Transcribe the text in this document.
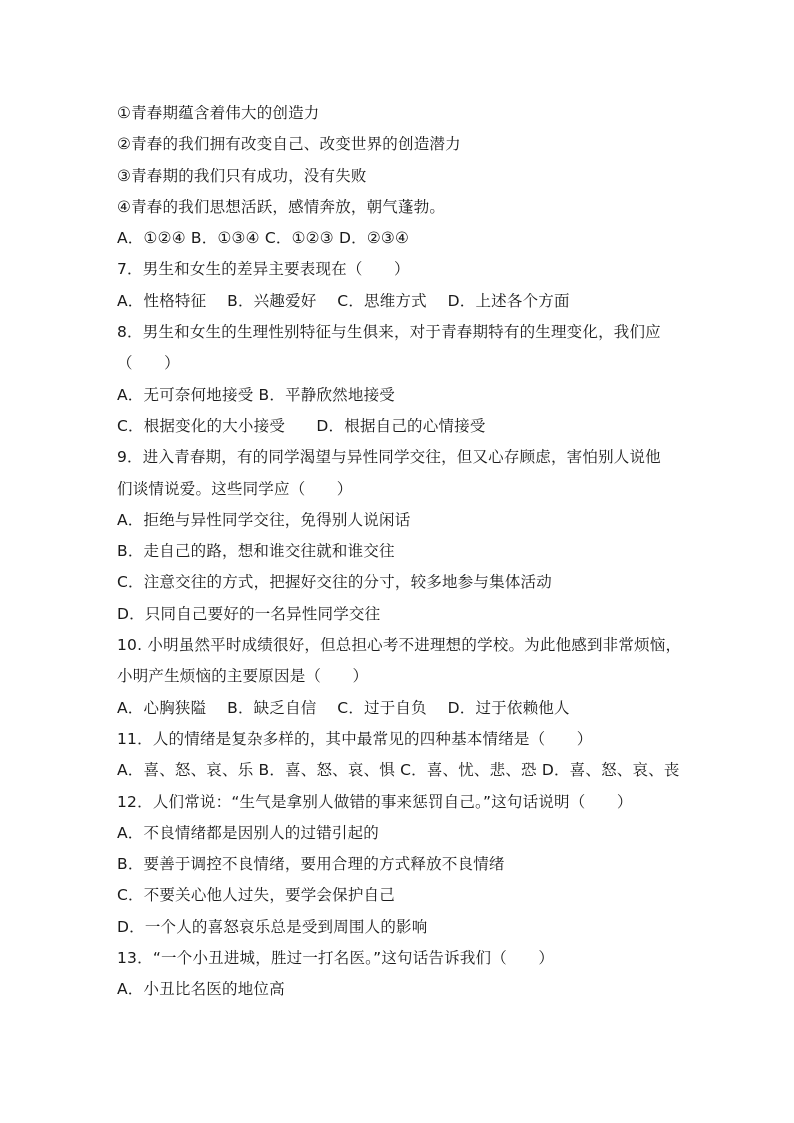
①青春期蕴含着伟大的创造力
②青春的我们拥有改变自己、改变世界的创造潜力
③青春期的我们只有成功，没有失败
④青春的我们思想活跃，感情奔放，朝气蓬勃。
A．①②④ B．①③④ C．①②③ D．②③④
7．男生和女生的差异主要表现在（　　）
A．性格特征　 B．兴趣爱好　 C．思维方式　 D．上述各个方面
8．男生和女生的生理性别特征与生俱来，对于青春期特有的生理变化，我们应
（　　）
A．无可奈何地接受 B．平静欣然地接受
C．根据变化的大小接受　　D．根据自己的心情接受
9．进入青春期，有的同学渴望与异性同学交往，但又心存顾虑，害怕别人说他
们谈情说爱。这些同学应（　　）
A．拒绝与异性同学交往，免得别人说闲话
B．走自己的路，想和谁交往就和谁交往
C．注意交往的方式，把握好交往的分寸，较多地参与集体活动
D．只同自己要好的一名异性同学交往
10. 小明虽然平时成绩很好，但总担心考不进理想的学校。为此他感到非常烦恼，
小明产生烦恼的主要原因是（　　）
A．心胸狭隘　 B．缺乏自信　 C．过于自负　 D．过于依赖他人
11．人的情绪是复杂多样的，其中最常见的四种基本情绪是（　　）
A．喜、怒、哀、乐 B．喜、怒、哀、惧 C．喜、忧、悲、恐 D．喜、怒、哀、丧
12．人们常说：“生气是拿别人做错的事来惩罚自己。”这句话说明（　　）
A．不良情绪都是因别人的过错引起的
B．要善于调控不良情绪，要用合理的方式释放不良情绪
C．不要关心他人过失，要学会保护自己
D．一个人的喜怒哀乐总是受到周围人的影响
13．“一个小丑进城，胜过一打名医。”这句话告诉我们（　　）
A．小丑比名医的地位高
